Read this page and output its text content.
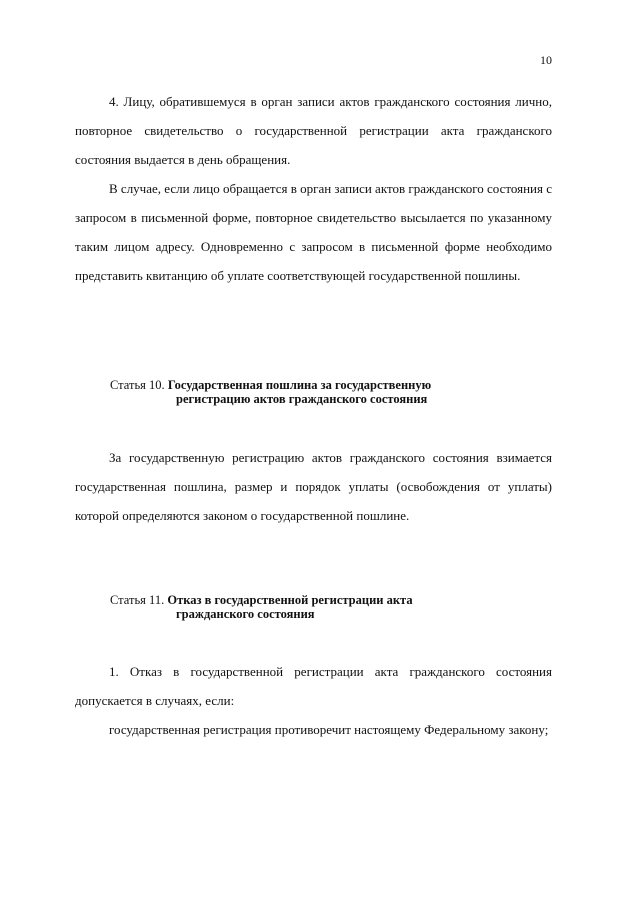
10

4. Лицу, обратившемуся в орган записи актов гражданского состояния лично, повторное свидетельство о государственной регистрации акта гражданского состояния выдается в день обращения.

В случае, если лицо обращается в орган записи актов гражданского состояния с запросом в письменной форме, повторное свидетельство высылается по указанному таким лицом адресу. Одновременно с запросом в письменной форме необходимо представить квитанцию об уплате соответствующей государственной пошлины.

Статья 10. Государственная пошлина за государственную
регистрацию актов гражданского состояния

За государственную регистрацию актов гражданского состояния взимается государственная пошлина, размер и порядок уплаты (освобождения от уплаты) которой определяются законом о государственной пошлине.

Статья 11. Отказ в государственной регистрации акта
гражданского состояния

1. Отказ в государственной регистрации акта гражданского состояния допускается в случаях, если:

государственная регистрация противоречит настоящему Федеральному закону;
